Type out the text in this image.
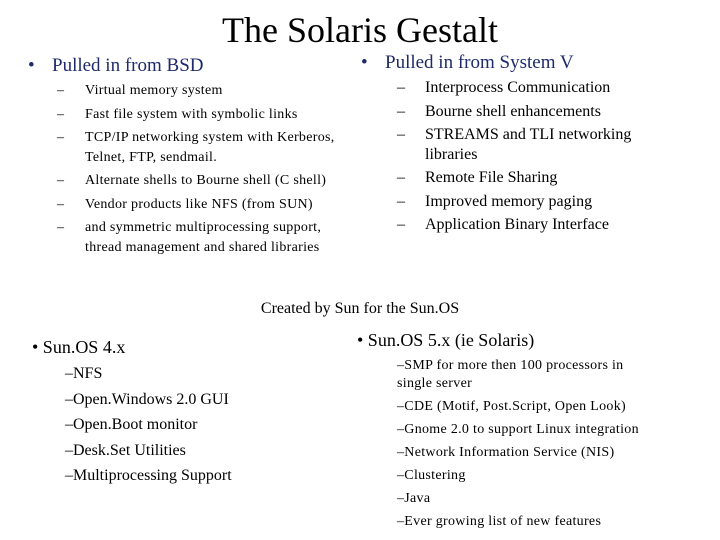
The Solaris Gestalt
• Pulled in from BSD
– Virtual memory system
– Fast file system with symbolic links
– TCP/IP networking system with Kerberos, Telnet, FTP, sendmail.
– Alternate shells to Bourne shell (C shell)
– Vendor products like NFS (from SUN)
– and symmetric multiprocessing support, thread management and shared libraries
• Pulled in from System V
– Interprocess Communication
– Bourne shell enhancements
– STREAMS and TLI networking libraries
– Remote File Sharing
– Improved memory paging
– Application Binary Interface
Created by Sun for the Sun.OS
• Sun.OS 4.x
–NFS
–Open.Windows 2.0 GUI
–Open.Boot monitor
–Desk.Set Utilities
–Multiprocessing Support
• Sun.OS 5.x (ie Solaris)
–SMP for more then 100 processors in single server
–CDE (Motif, Post.Script, Open Look)
–Gnome 2.0 to support Linux integration
–Network Information Service (NIS)
–Clustering
–Java
–Ever growing list of new features
